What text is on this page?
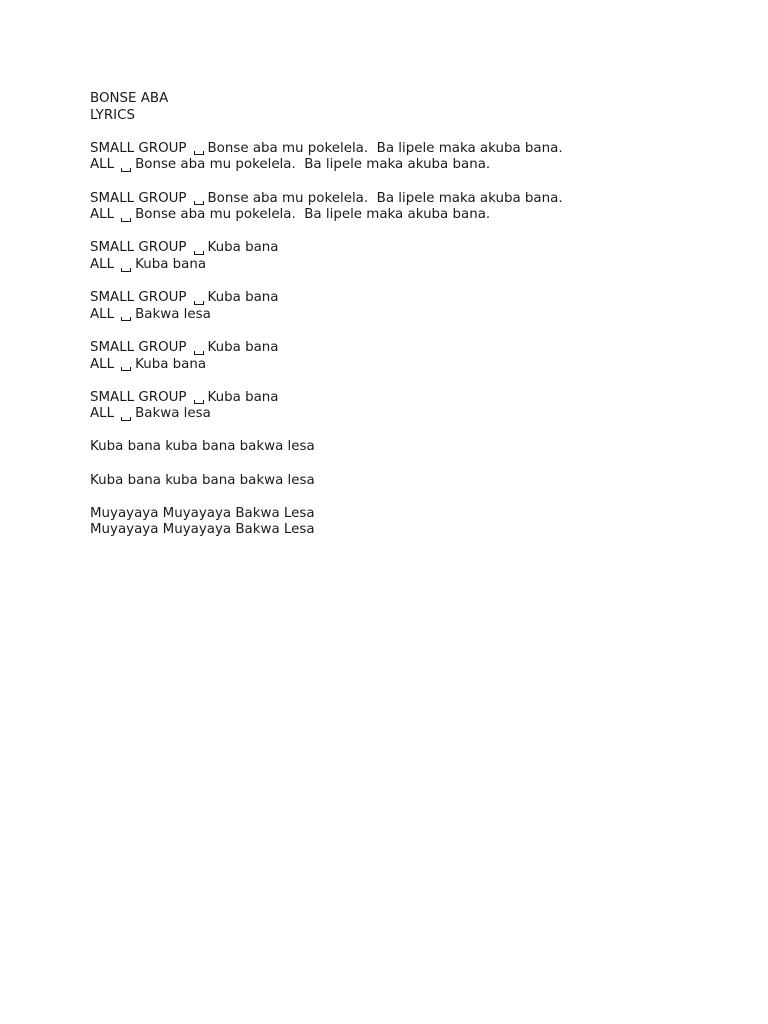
BONSE ABA
LYRICS
SMALL GROUP Bonse aba mu pokelela.  Ba lipele maka akuba bana.
ALL Bonse aba mu pokelela.  Ba lipele maka akuba bana.
SMALL GROUP Bonse aba mu pokelela.  Ba lipele maka akuba bana.
ALL Bonse aba mu pokelela.  Ba lipele maka akuba bana.
SMALL GROUP Kuba bana
ALL Kuba bana
SMALL GROUP Kuba bana
ALL Bakwa lesa
SMALL GROUP Kuba bana
ALL Kuba bana
SMALL GROUP Kuba bana
ALL Bakwa lesa
Kuba bana kuba bana bakwa lesa
Kuba bana kuba bana bakwa lesa
Muyayaya Muyayaya Bakwa Lesa
Muyayaya Muyayaya Bakwa Lesa
